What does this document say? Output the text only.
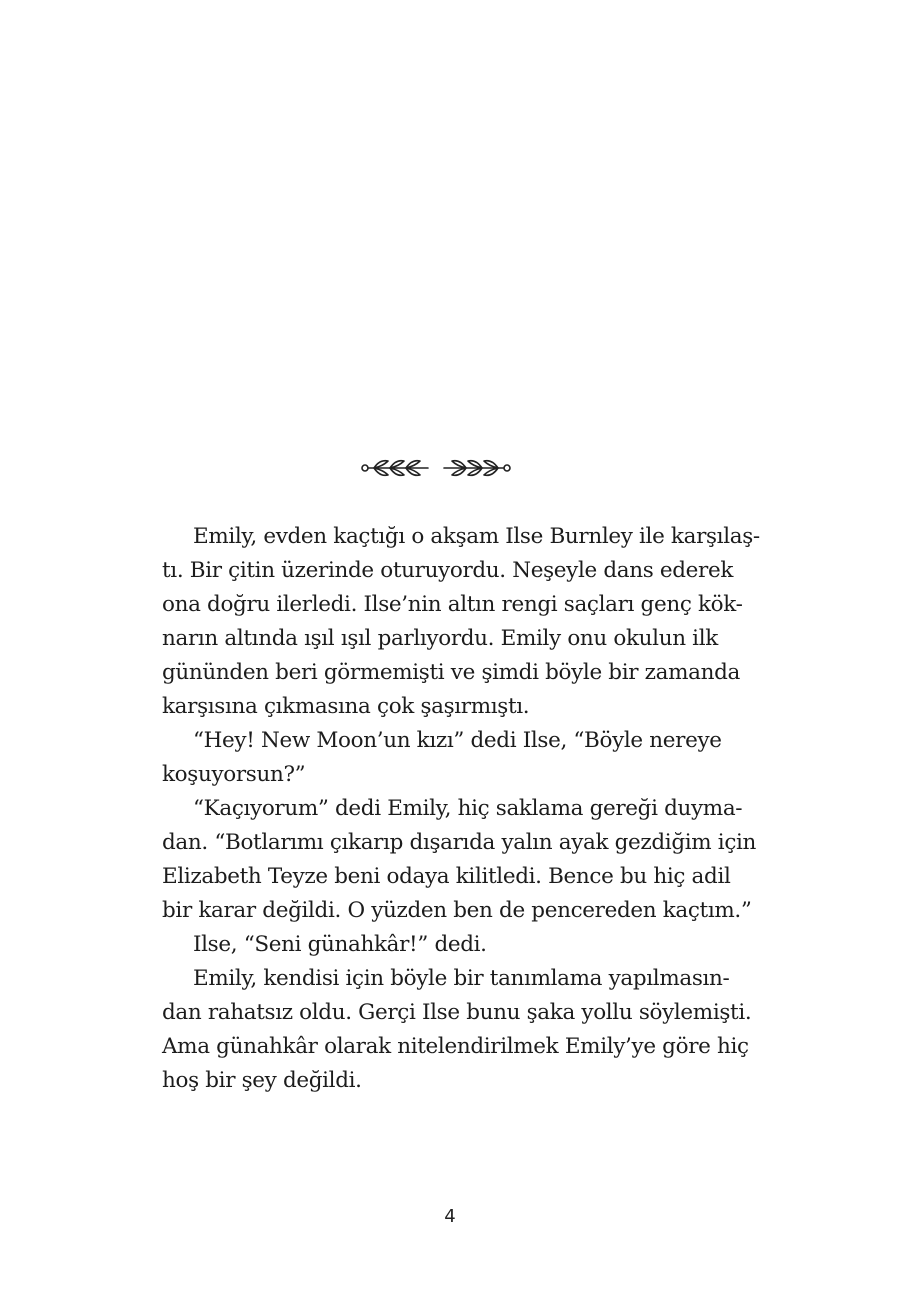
Emily, evden kaçtığı o akşam Ilse Burnley ile karşılaş-
tı. Bir çitin üzerinde oturuyordu. Neşeyle dans ederek
ona doğru ilerledi. Ilse’nin altın rengi saçları genç kök-
narın altında ışıl ışıl parlıyordu. Emily onu okulun ilk
gününden beri görmemişti ve şimdi böyle bir zamanda
karşısına çıkmasına çok şaşırmıştı.
“Hey! New Moon’un kızı” dedi Ilse, “Böyle nereye
koşuyorsun?”
“Kaçıyorum” dedi Emily, hiç saklama gereği duyma-
dan. “Botlarımı çıkarıp dışarıda yalın ayak gezdiğim için
Elizabeth Teyze beni odaya kilitledi. Bence bu hiç adil
bir karar değildi. O yüzden ben de pencereden kaçtım.”
Ilse, “Seni günahkâr!” dedi.
Emily, kendisi için böyle bir tanımlama yapılmasın-
dan rahatsız oldu. Gerçi Ilse bunu şaka yollu söylemişti.
Ama günahkâr olarak nitelendirilmek Emily’ye göre hiç
hoş bir şey değildi.
4
